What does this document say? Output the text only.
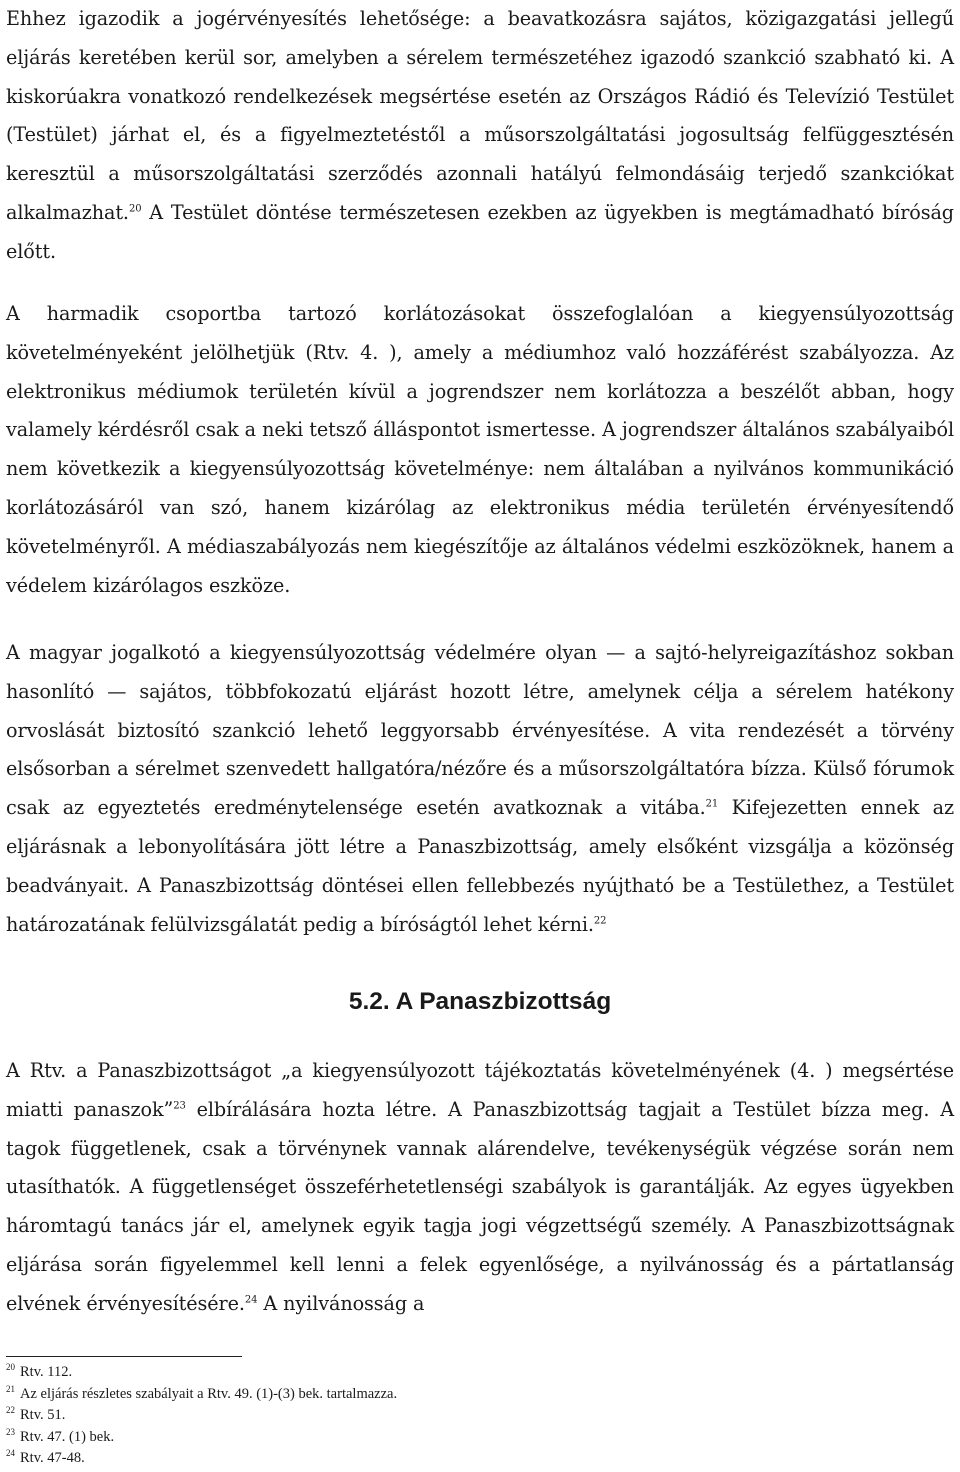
Ehhez igazodik a jogérvényesítés lehetősége: a beavatkozásra sajátos, közigazgatási jellegű eljárás keretében kerül sor, amelyben a sérelem természetéhez igazodó szankció szabható ki. A kiskorúakra vonatkozó rendelkezések megsértése esetén az Országos Rádió és Televízió Testület (Testület) járhat el, és a figyelmeztetéstől a műsorszolgáltatási jogosultság felfüggesztésén keresztül a műsorszolgáltatási szerződés azonnali hatályú felmondásáig terjedő szankciókat alkalmazhat.$^{20}$ A Testület döntése természetesen ezekben az ügyekben is megtámadható bíróság előtt.

A harmadik csoportba tartozó korlátozásokat összefoglalóan a kiegyensúlyozottság követelményeként jelölhetjük (Rtv. 4. ), amely a médiumhoz való hozzáférést szabályozza. Az elektronikus médiumok területén kívül a jogrendszer nem korlátozza a beszélőt abban, hogy valamely kérdésről csak a neki tetsző álláspontot ismertesse. A jogrendszer általános szabályaiból nem következik a kiegyensúlyozottság követelménye: nem általában a nyilvános kommunikáció korlátozásáról van szó, hanem kizárólag az elektronikus média területén érvényesítendő követelményről. A médiaszabályozás nem kiegészítője az általános védelmi eszközöknek, hanem a védelem kizárólagos eszköze.

A magyar jogalkotó a kiegyensúlyozottság védelmére olyan — a sajtó-helyreigazításhoz sokban hasonlító — sajátos, többfokozatú eljárást hozott létre, amelynek célja a sérelem hatékony orvoslását biztosító szankció lehető leggyorsabb érvényesítése. A vita rendezését a törvény elsősorban a sérelmet szenvedett hallgatóra/nézőre és a műsorszolgáltatóra bízza. Külső fórumok csak az egyeztetés eredménytelensége esetén avatkoznak a vitába.$^{21}$ Kifejezetten ennek az eljárásnak a lebonyolítására jött létre a Panaszbizottság, amely elsőként vizsgálja a közönség beadványait. A Panaszbizottság döntései ellen fellebbezés nyújtható be a Testülethez, a Testület határozatának felülvizsgálatát pedig a bíróságtól lehet kérni.$^{22}$

5.2. A Panaszbizottság

A Rtv. a Panaszbizottságot „a kiegyensúlyozott tájékoztatás követelményének (4. ) megsértése miatti panaszok”$^{23}$ elbírálására hozta létre. A Panaszbizottság tagjait a Testület bízza meg. A tagok függetlenek, csak a törvénynek vannak alárendelve, tevékenységük végzése során nem utasíthatók. A függetlenséget összeférhetetlenségi szabályok is garantálják. Az egyes ügyekben háromtagú tanács jár el, amelynek egyik tagja jogi végzettségű személy. A Panaszbizottságnak eljárása során figyelemmel kell lenni a felek egyenlősége, a nyilvánosság és a pártatlanság elvének érvényesítésére.$^{24}$ A nyilvánosság a

$^{20}$ Rtv. 112.
$^{21}$ Az eljárás részletes szabályait a Rtv. 49. (1)-(3) bek. tartalmazza.
$^{22}$ Rtv. 51.
$^{23}$ Rtv. 47. (1) bek.
$^{24}$ Rtv. 47-48.
